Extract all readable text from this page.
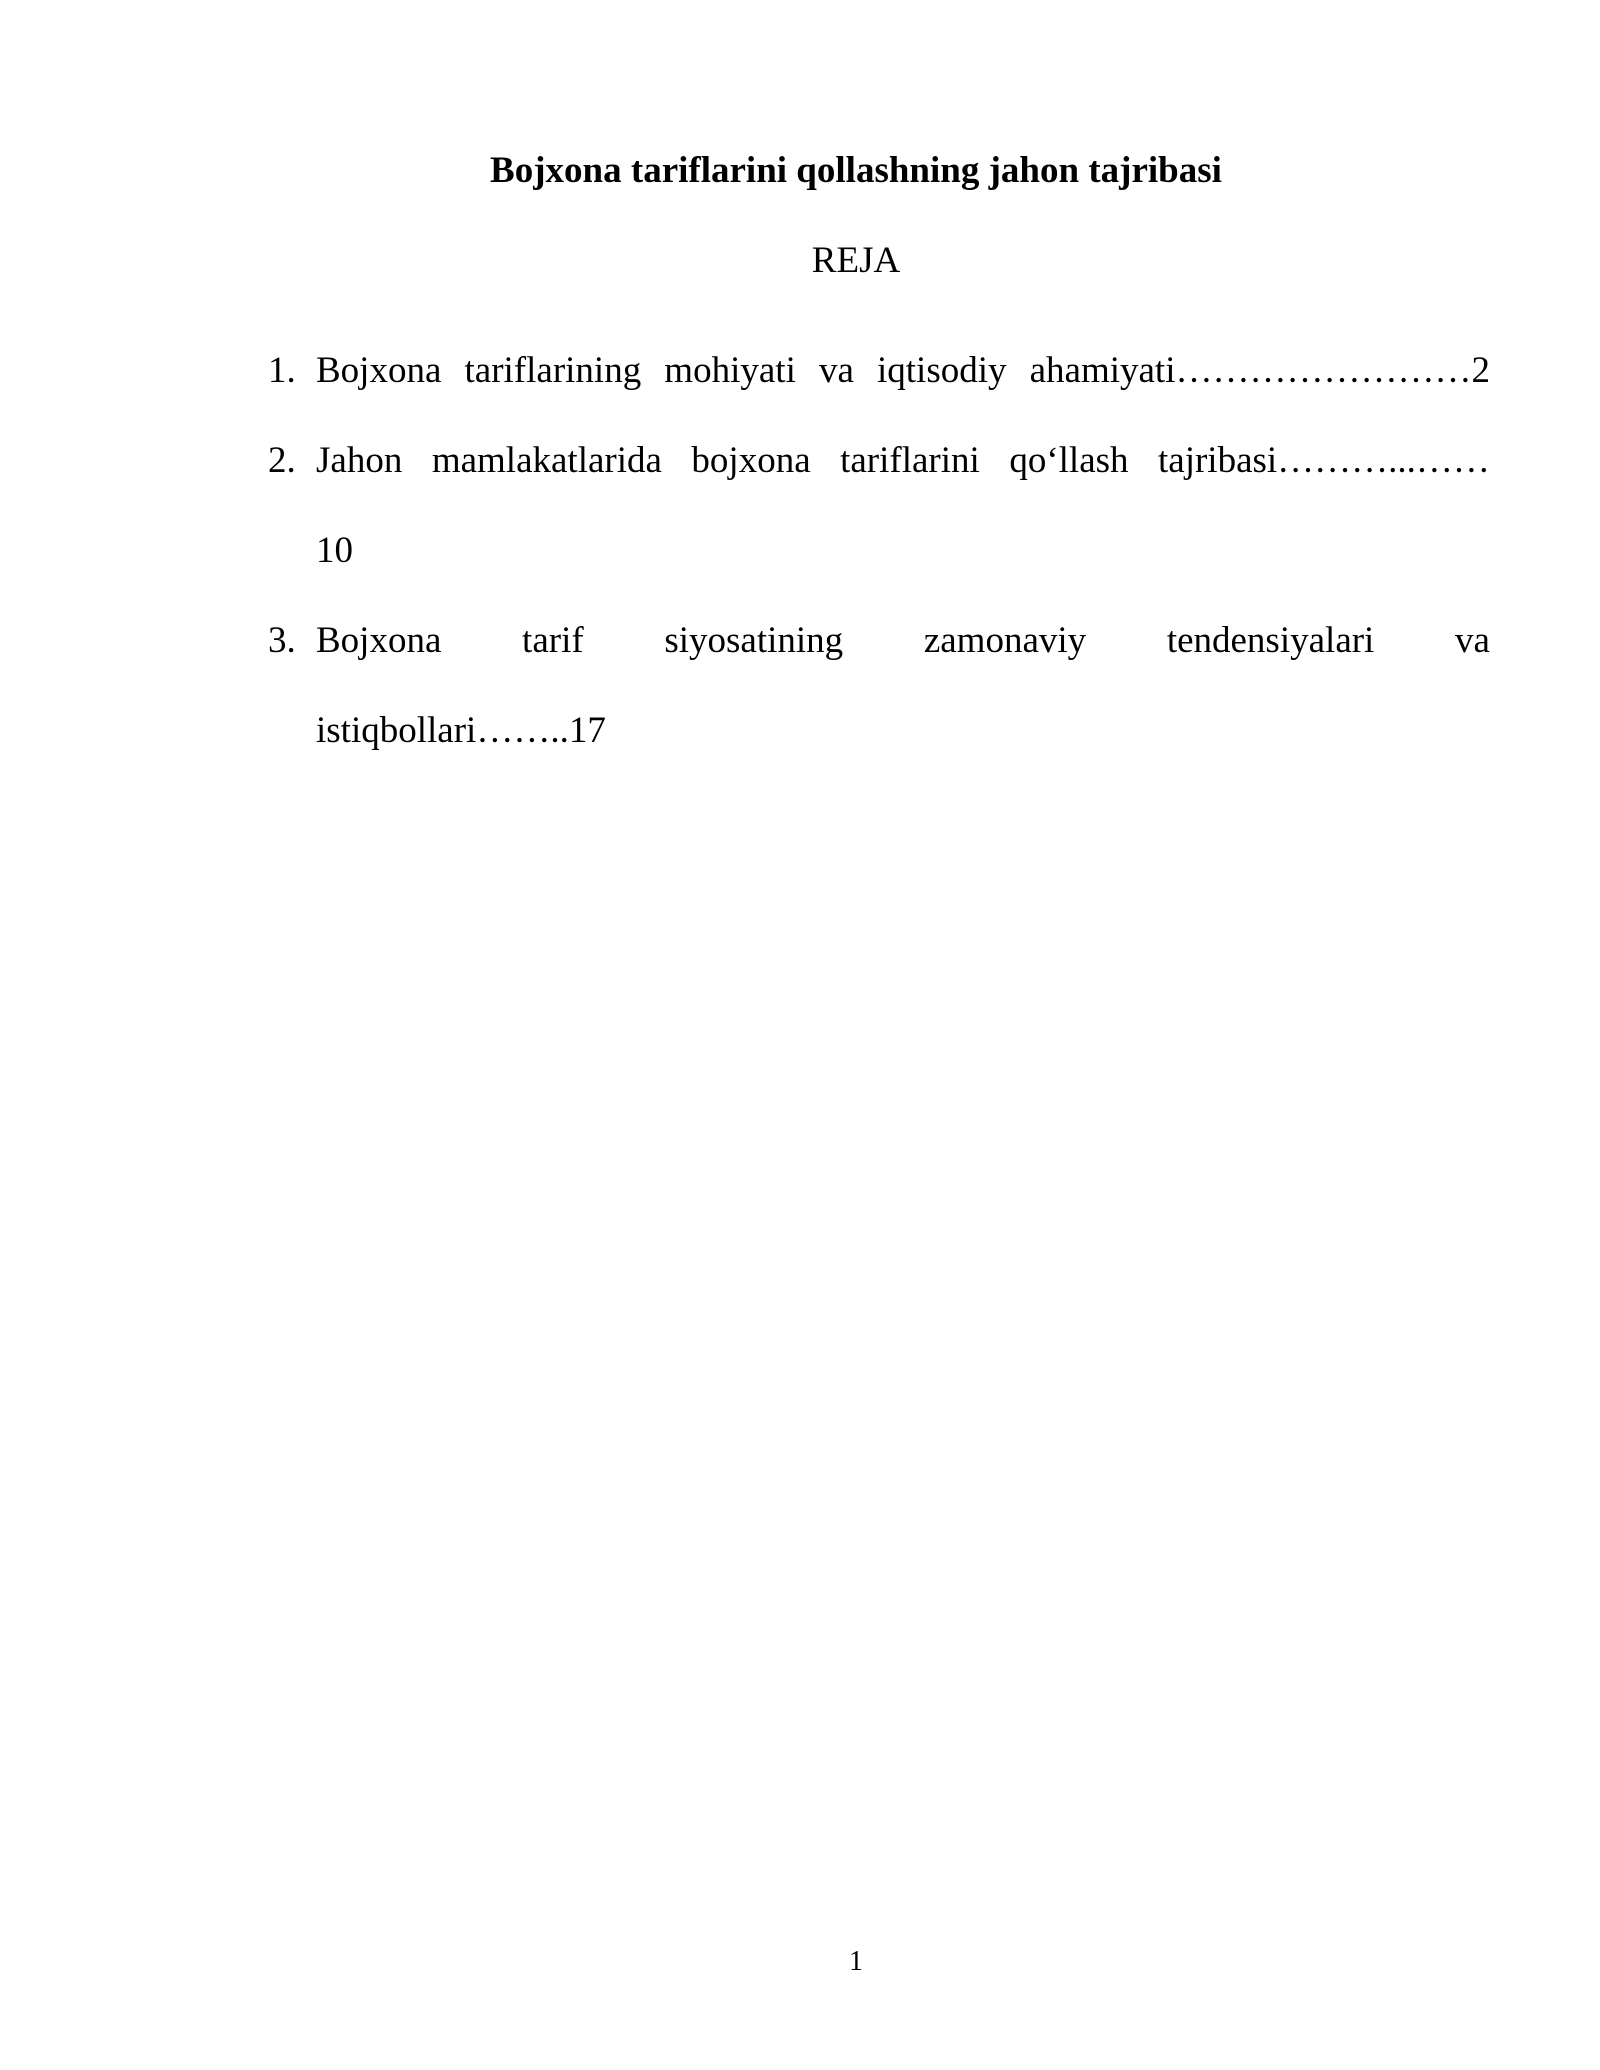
Bojxona tariflarini qollashning jahon tajribasi
REJA
1. Bojxona tariflarining mohiyati va iqtisodiy ahamiyati……………………2
2. Jahon mamlakatlarida bojxona tariflarini qo‘llash tajribasi………...……
10
3. Bojxona tarif siyosatining zamonaviy tendensiyalari va
istiqbollari……..17
1
